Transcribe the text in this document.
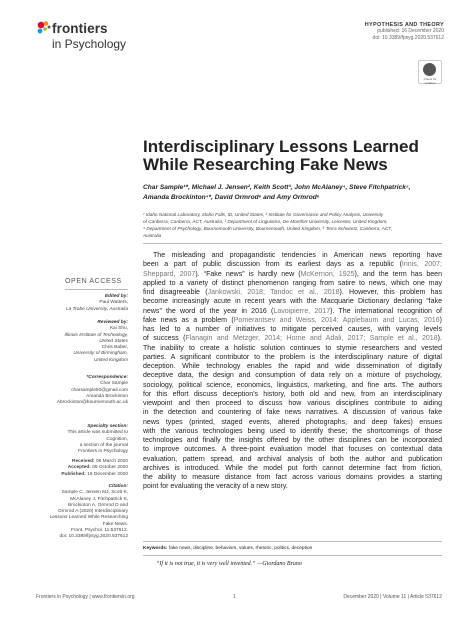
frontiers
in Psychology
HYPOTHESIS AND THEORY
published: 16 December 2020
doi: 10.3389/fpsyg.2020.537612
Check for updates
Interdisciplinary Lessons Learned
While Researching Fake News
Char Sample¹*, Michael J. Jensen², Keith Scott³, John McAlaney⁴, Steve Fitchpatrick⁵,
Amanda Brockinton⁴*, David Ormrod⁶ and Amy Ormrod⁶
¹ Idaho National Laboratory, Idaho Falls, ID, United States, ² Institute for Governance and Policy Analysis, University
of Canberra, Canberra, ACT, Australia, ³ Department of Linguistics, De Montfort University, Leicester, United Kingdom,
⁴ Department of Psychology, Bournemouth University, Bournemouth, United Kingdom, ⁵ Terra Schwartz, Canberra, ACT,
Australia
OPEN ACCESS
Edited by:
Paul Watters,
La Trobe University, Australia
Reviewed by:
Kai Shu,
Illinois Institute of Technology,
United States
Chris Baber,
University of Birmingham,
United Kingdom
*Correspondence:
Char Sample
charsample50@gmail.com
Amanda Brockinton
Abrockinton@bournemouth.ac.uk
Specialty section:
This article was submitted to
Cognition,
a section of the journal
Frontiers in Psychology
Received: 06 March 2020
Accepted: 06 October 2020
Published: 16 December 2020
Citation:
Sample C, Jensen MJ, Scott K,
McAlaney J, Fitchpatrick S,
Brockinton A, Ormrod D and
Ormrod A (2020) Interdisciplinary
Lessons Learned While Researching
Fake News.
Front. Psychol. 11:537612.
doi: 10.3389/fpsyg.2020.537612
The misleading and propagandistic tendencies in American news reporting have
been a part of public discussion from its earliest days as a republic (Innis, 2007;
Sheppard, 2007). “Fake news” is hardly new (McKernon, 1925), and the term has been
applied to a variety of distinct phenomenon ranging from satire to news, which one may
find disagreeable (Jankowski, 2018; Tandoc et al., 2018). However, this problem has
become increasingly acute in recent years with the Macquarie Dictionary declaring “fake
news” the word of the year in 2016 (Lavoipierre, 2017). The international recognition of
fake news as a problem (Pomerantsev and Weiss, 2014; Applebaum and Lucas, 2016)
has led to a number of initiatives to mitigate perceived causes, with varying levels
of success (Flanagin and Metzger, 2014; Horne and Adali, 2017; Sample et al., 2018).
The inability to create a holistic solution continues to stymie researchers and vested
parties. A significant contributor to the problem is the interdisciplinary nature of digital
deception. While technology enables the rapid and wide dissemination of digitally
deceptive data, the design and consumption of data rely on a mixture of psychology,
sociology, political science, economics, linguistics, marketing, and fine arts. The authors
for this effort discuss deception’s history, both old and new, from an interdisciplinary
viewpoint and then proceed to discuss how various disciplines contribute to aiding
in the detection and countering of fake news narratives. A discussion of various fake
news types (printed, staged events, altered photographs, and deep fakes) ensues
with the various technologies being used to identify these; the shortcomings of those
technologies and finally the insights offered by the other disciplines can be incorporated
to improve outcomes. A three-point evaluation model that focuses on contextual data
evaluation, pattern spread, and archival analysis of both the author and publication
archives is introduced. While the model put forth cannot determine fact from fiction,
the ability to measure distance from fact across various domains provides a starting
point for evaluating the veracity of a new story.
Keywords: fake news, discipline, behaviors, values, rhetoric, politics, deception
“If it is not true, it is very well invented.” —Giordano Bruno
Frontiers in Psychology | www.frontiersin.org	1	December 2020 | Volume 11 | Article 537612
